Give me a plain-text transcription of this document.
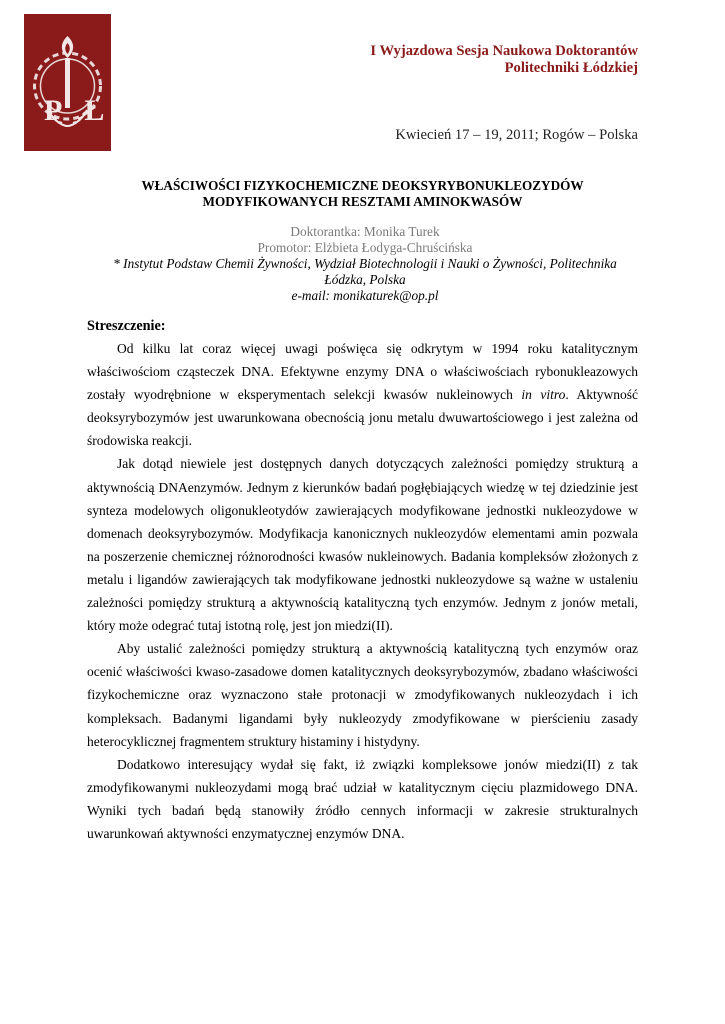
PŁ
I Wyjazdowa Sesja Naukowa Doktorantów
Politechniki Łódzkiej
Kwiecień 17 – 19, 2011; Rogów – Polska
WŁAŚCIWOŚCI FIZYKOCHEMICZNE DEOKSYRYBONUKLEOZYDÓW
MODYFIKOWANYCH RESZTAMI AMINOKWASÓW
Doktorantka: Monika Turek
Promotor: Elżbieta Łodyga-Chruścińska
* Instytut Podstaw Chemii Żywności, Wydział Biotechnologii i Nauki o Żywności, Politechnika
Łódzka, Polska
e-mail: monikaturek@op.pl
Streszczenie:

Od kilku lat coraz więcej uwagi poświęca się odkrytym w 1994 roku katalitycznym właściwościom cząsteczek DNA. Efektywne enzymy DNA o właściwościach rybonukleazowych zostały wyodrębnione w eksperymentach selekcji kwasów nukleinowych in vitro. Aktywność deoksyrybozymów jest uwarunkowana obecnością jonu metalu dwuwartościowego i jest zależna od środowiska reakcji.

Jak dotąd niewiele jest dostępnych danych dotyczących zależności pomiędzy strukturą a aktywnością DNAenzymów. Jednym z kierunków badań pogłębiających wiedzę w tej dziedzinie jest synteza modelowych oligonukleotydów zawierających modyfikowane jednostki nukleozydowe w domenach deoksyrybozymów. Modyfikacja kanonicznych nukleozydów elementami amin pozwala na poszerzenie chemicznej różnorodności kwasów nukleinowych. Badania kompleksów złożonych z metalu i ligandów zawierających tak modyfikowane jednostki nukleozydowe są ważne w ustaleniu zależności pomiędzy strukturą a aktywnością katalityczną tych enzymów. Jednym z jonów metali, który może odegrać tutaj istotną rolę, jest jon miedzi(II).

Aby ustalić zależności pomiędzy strukturą a aktywnością katalityczną tych enzymów oraz ocenić właściwości kwaso-zasadowe domen katalitycznych deoksyrybozymów, zbadano właściwości fizykochemiczne oraz wyznaczono stałe protonacji w zmodyfikowanych nukleozydach i ich kompleksach. Badanymi ligandami były nukleozydy zmodyfikowane w pierścieniu zasady heterocyklicznej fragmentem struktury histaminy i histydyny.

Dodatkowo interesujący wydał się fakt, iż związki kompleksowe jonów miedzi(II) z tak zmodyfikowanymi nukleozydami mogą brać udział w katalitycznym cięciu plazmidowego DNA. Wyniki tych badań będą stanowiły źródło cennych informacji w zakresie strukturalnych uwarunkowań aktywności enzymatycznej enzymów DNA.
